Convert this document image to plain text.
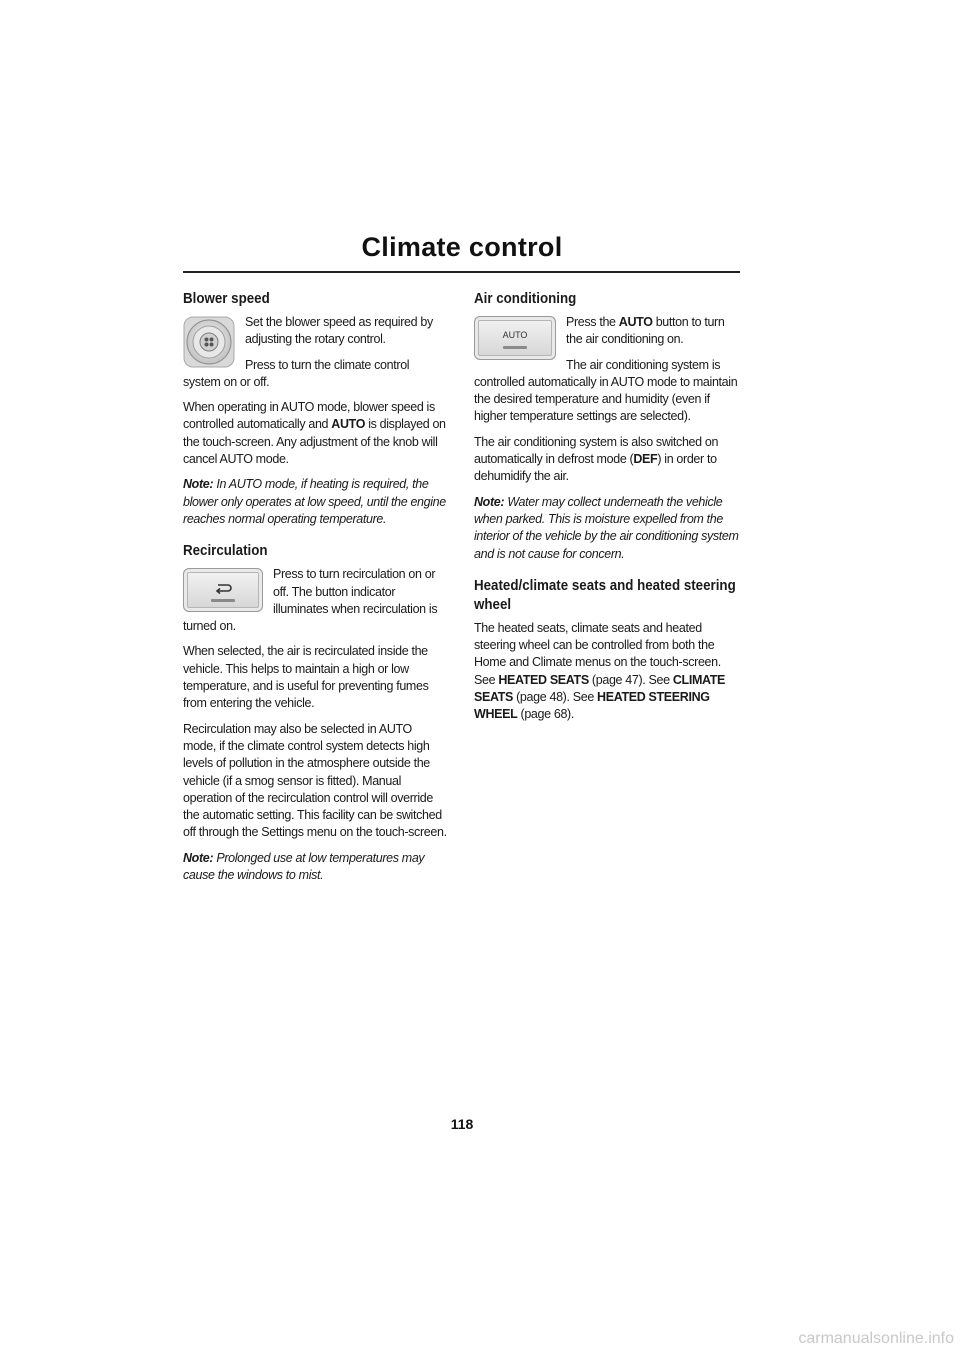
Climate control
Blower speed

Set the blower speed as required by adjusting the rotary control.

Press to turn the climate control system on or off.

When operating in AUTO mode, blower speed is controlled automatically and AUTO is displayed on the touch-screen. Any adjustment of the knob will cancel AUTO mode.

Note: In AUTO mode, if heating is required, the blower only operates at low speed, until the engine reaches normal operating temperature.

Recirculation

Press to turn recirculation on or off. The button indicator illuminates when recirculation is turned on.

When selected, the air is recirculated inside the vehicle. This helps to maintain a high or low temperature, and is useful for preventing fumes from entering the vehicle.

Recirculation may also be selected in AUTO mode, if the climate control system detects high levels of pollution in the atmosphere outside the vehicle (if a smog sensor is fitted). Manual operation of the recirculation control will override the automatic setting. This facility can be switched off through the Settings menu on the touch-screen.

Note: Prolonged use at low temperatures may cause the windows to mist.

Air conditioning
AUTO

Press the AUTO button to turn the air conditioning on.

The air conditioning system is controlled automatically in AUTO mode to maintain the desired temperature and humidity (even if higher temperature settings are selected).

The air conditioning system is also switched on automatically in defrost mode (DEF) in order to dehumidify the air.

Note: Water may collect underneath the vehicle when parked. This is moisture expelled from the interior of the vehicle by the air conditioning system and is not cause for concern.

Heated/climate seats and heated steering wheel

The heated seats, climate seats and heated steering wheel can be controlled from both the Home and Climate menus on the touch-screen. See HEATED SEATS (page 47). See CLIMATE SEATS (page 48). See HEATED STEERING WHEEL (page 68).

118
carmanualsonline.info
